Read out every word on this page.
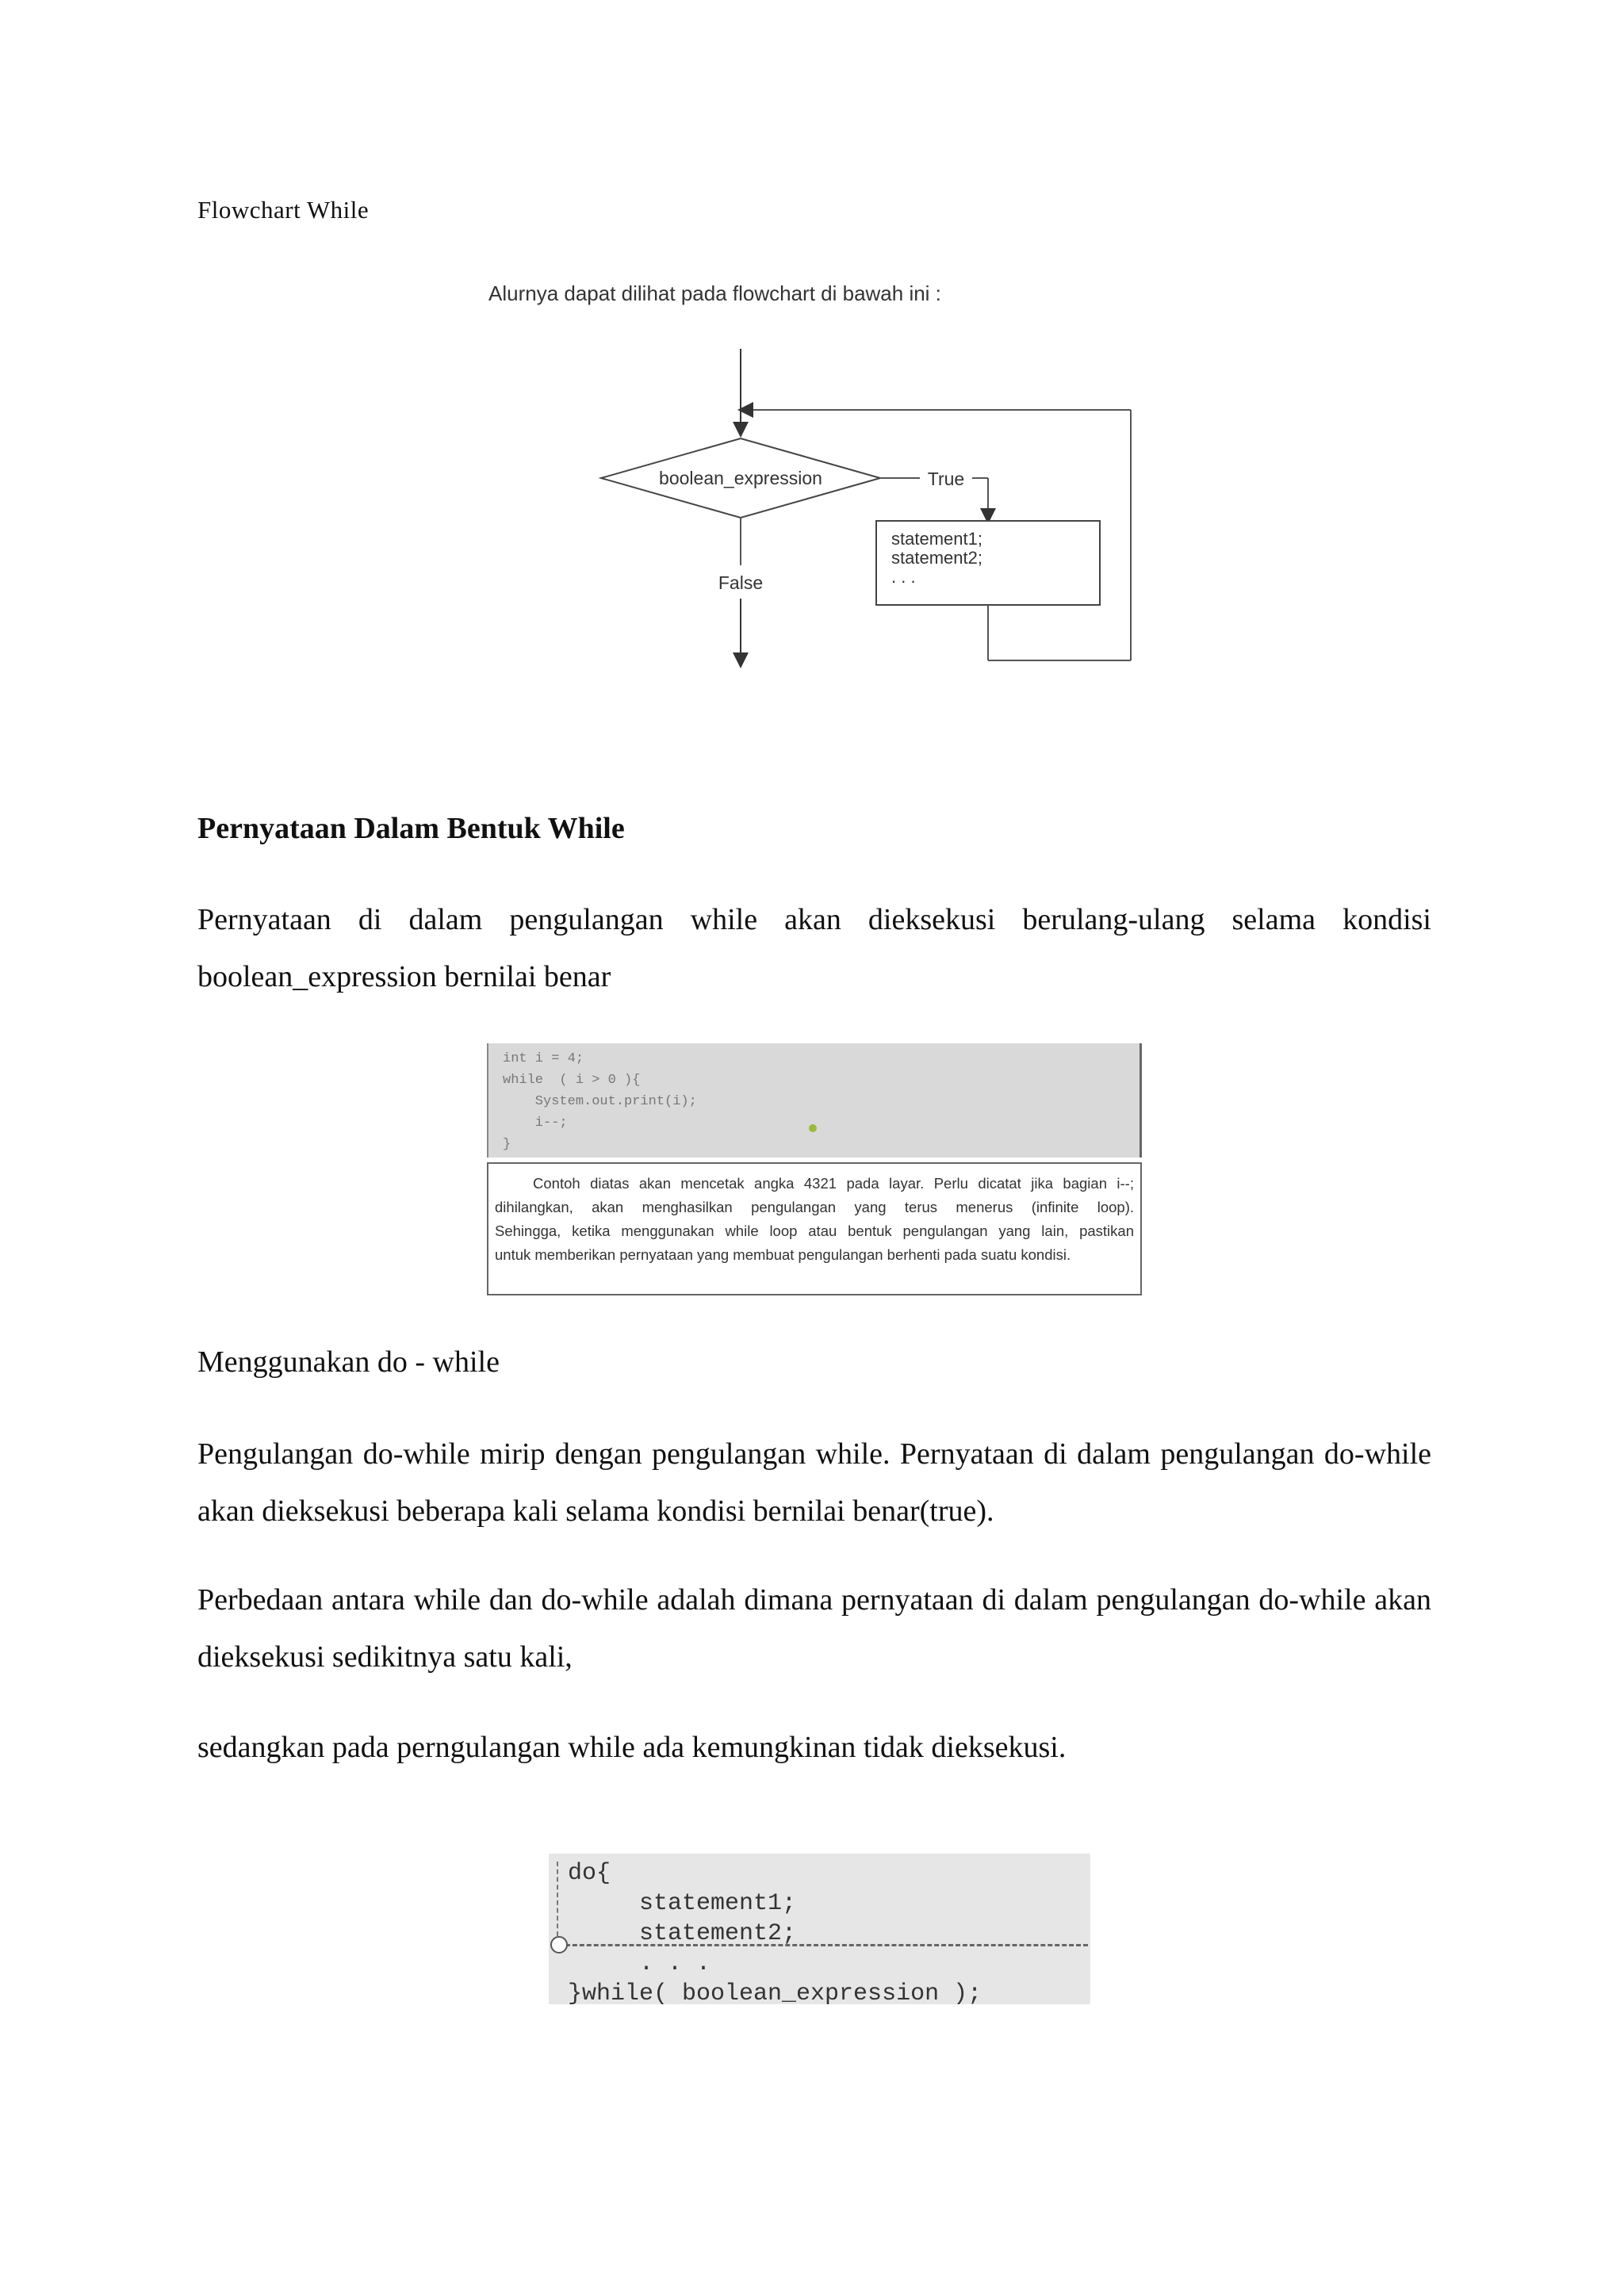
Flowchart While
boolean_expression	True
False
statement1;
statement2;
. . .
Alurnya dapat dilihat pada flowchart di bawah ini :
Pernyataan Dalam Bentuk While
Pernyataan di dalam pengulangan while akan dieksekusi berulang-ulang selama kondisi boolean_expression bernilai benar
int i = 4;
while  ( i > 0 ){
System.out.print(i);
i--;
}

Contoh diatas akan mencetak angka 4321 pada layar. Perlu dicatat jika bagian i--;

dihilangkan, akan menghasilkan pengulangan yang terus menerus (infinite loop).

Sehingga, ketika menggunakan while loop atau bentuk pengulangan yang lain, pastikan

untuk memberikan pernyataan yang membuat pengulangan berhenti pada suatu kondisi.

Menggunakan do - while
Pengulangan do-while mirip dengan pengulangan while. Pernyataan di dalam pengulangan do-while akan dieksekusi beberapa kali selama kondisi bernilai benar(true).
Perbedaan antara while dan do-while adalah dimana pernyataan di dalam pengulangan do-while akan dieksekusi sedikitnya satu kali,
sedangkan pada perngulangan while ada kemungkinan tidak dieksekusi.
do{
statement1;
statement2;
. . .
}while( boolean_expression );
